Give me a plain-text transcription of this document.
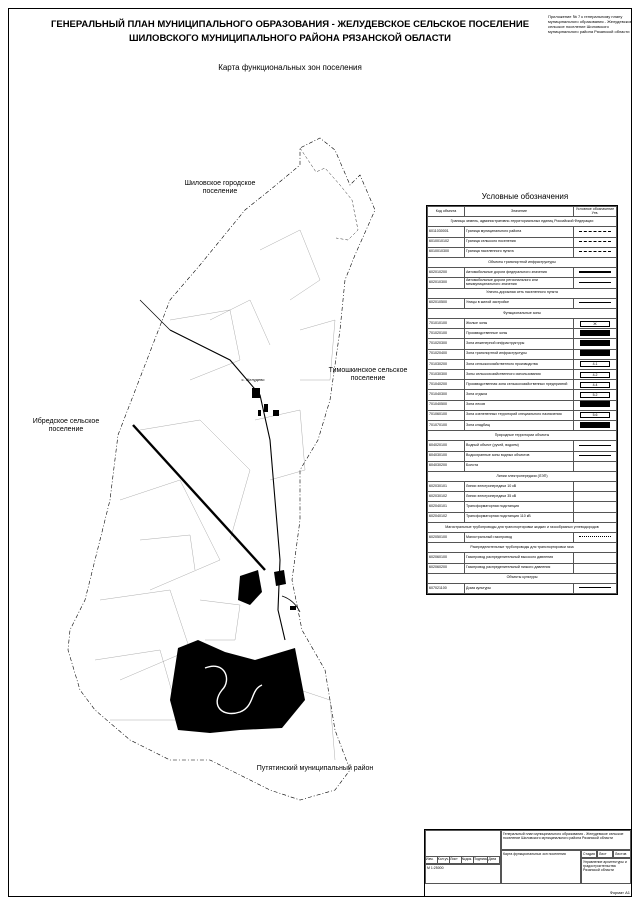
ГЕНЕРАЛЬНЫЙ ПЛАН МУНИЦИПАЛЬНОГО ОБРАЗОВАНИЯ - ЖЕЛУДЕВСКОЕ СЕЛЬСКОЕ ПОСЕЛЕНИЕ
ШИЛОВСКОГО МУНИЦИПАЛЬНОГО РАЙОНА РЯЗАНСКОЙ ОБЛАСТИ
Приложение № 7 к генеральному плану муниципального образования - Желудевское сельское поселение Шиловского муниципального района Рязанской области
Карта функциональных зон поселения
Шиловское городское поселение
Тимошкинское сельское поселение
Ибредское сельское поселение
Путятинский муниципальный район
с. Желудево
Условные обозначения
Код объекта	Значение	Условное обозначение
Утв.
Границы земель, административно-территориальных единиц Российской Федерации		
6011030001	Граница муниципального района	
6010010102	Граница сельского поселения	
6010010300	Граница населенного пункта	
Объекты транспортной инфраструктуры		
602010200	Автомобильные дороги федерального значения	
602010300	Автомобильные дороги регионального или межмуниципального значения	
Улично-дорожная сеть населенного пункта		
602010500	Улицы в жилой застройке	
Функциональные зоны		
701010100	Жилые зоны	Ж
701020100	Производственные зоны	
701020300	Зона инженерной инфраструктуры	
701020400	Зона транспортной инфраструктуры	
701030200	Зона сельскохозяйственного производства	4.1
701030300	Зоны сельскохозяйственного использования	4.2
701040200	Производственная зона сельскохозяйственных предприятий	4.4
701040300	Зона отдыха	5.2
701040500	Зона лесов	
701060100	Зона озелененных территорий специального назначения	5.6
701070100	Зона кладбищ	
Природные территории объекты		
604020100	Водный объект (ручей, водоем)	
604030100	Водоохранные зоны водных объектов	
604030200	Болота	
Линии электропередачи (ЛЭП)		
602030101	Линии электропередачи 10 кВ	
602030102	Линии электропередачи 35 кВ	
602040101	Трансформаторная подстанция	
602040102	Трансформаторная подстанция 110 кВ	
Магистральные трубопроводы для транспортировки жидких и газообразных углеводородов		
602050100	Магистральный газопровод	
Распределительные трубопроводы для транспортировки газа		
602060100	Газопровод распределительный высокого давления	
602060200	Газопровод распределительный низкого давления	
Объекты культуры		
607021100	Дома культуры	
Изм.	Кол.уч. Лист	№док. Подпись Дата
Генеральный план муниципального образования - Желудевское сельское поселение Шиловского муниципального района Рязанской области
Карта функциональных зон поселения	Стадия	Лист	Листов
Управление архитектуры и градостроительства Рязанской области
М 1:25000
Формат А1
